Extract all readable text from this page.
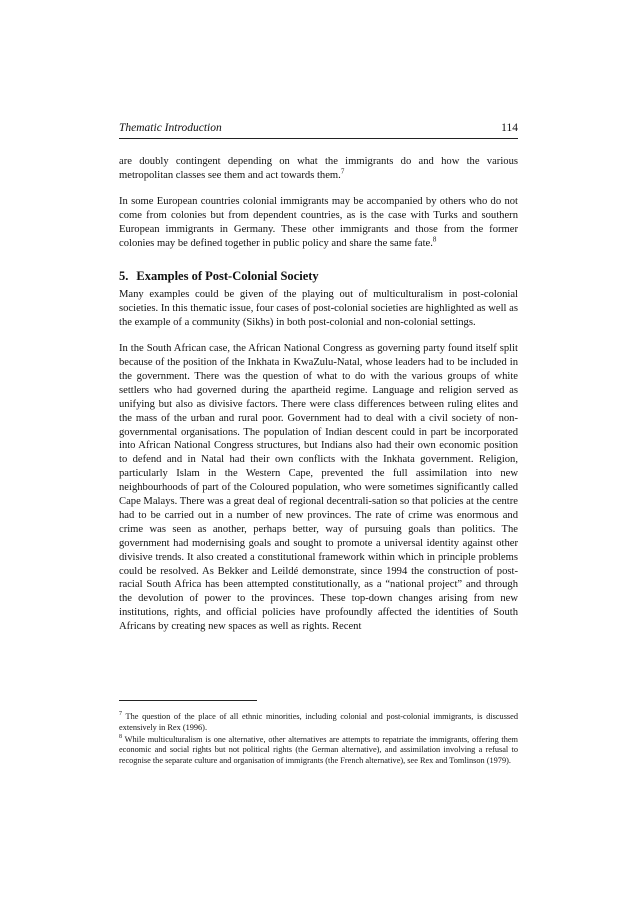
Thematic Introduction	114

are doubly contingent depending on what the immigrants do and how the various metropolitan classes see them and act towards them.$^7$

In some European countries colonial immigrants may be accompanied by others who do not come from colonies but from dependent countries, as is the case with Turks and southern European immigrants in Germany. These other immigrants and those from the former colonies may be defined together in public policy and share the same fate.$^8$

5. Examples of Post-Colonial Society

Many examples could be given of the playing out of multiculturalism in post-colonial societies. In this thematic issue, four cases of post-colonial societies are highlighted as well as the example of a community (Sikhs) in both post-colonial and non-colonial settings.

In the South African case, the African National Congress as governing party found itself split because of the position of the Inkhata in KwaZulu-Natal, whose leaders had to be included in the government. There was the question of what to do with the various groups of white settlers who had governed during the apartheid regime. Language and religion served as unifying but also as divisive factors. There were class differences between ruling elites and the mass of the urban and rural poor. Government had to deal with a civil society of non-governmental organisations. The population of Indian descent could in part be incorporated into African National Congress structures, but Indians also had their own economic position to defend and in Natal had their own conflicts with the Inkhata government. Religion, particularly Islam in the Western Cape, prevented the full assimilation into new neighbourhoods of part of the Coloured population, who were sometimes significantly called Cape Malays. There was a great deal of regional decentrali-sation so that policies at the centre had to be carried out in a number of new provinces. The rate of crime was enormous and crime was seen as another, perhaps better, way of pursuing goals than politics. The government had modernising goals and sought to promote a universal identity against other divisive trends. It also created a constitutional framework within which in principle problems could be resolved. As Bekker and Leildé demonstrate, since 1994 the construction of post-racial South Africa has been attempted constitutionally, as a “national project” and through the devolution of power to the provinces. These top-down changes arising from new institutions, rights, and official policies have profoundly affected the identities of South Africans by creating new spaces as well as rights. Recent

$^7$ The question of the place of all ethnic minorities, including colonial and post-colonial immigrants, is discussed extensively in Rex (1996).
$^8$ While multiculturalism is one alternative, other alternatives are attempts to repatriate the immigrants, offering them economic and social rights but not political rights (the German alternative), and assimilation involving a refusal to recognise the separate culture and organisation of immigrants (the French alternative), see Rex and Tomlinson (1979).
